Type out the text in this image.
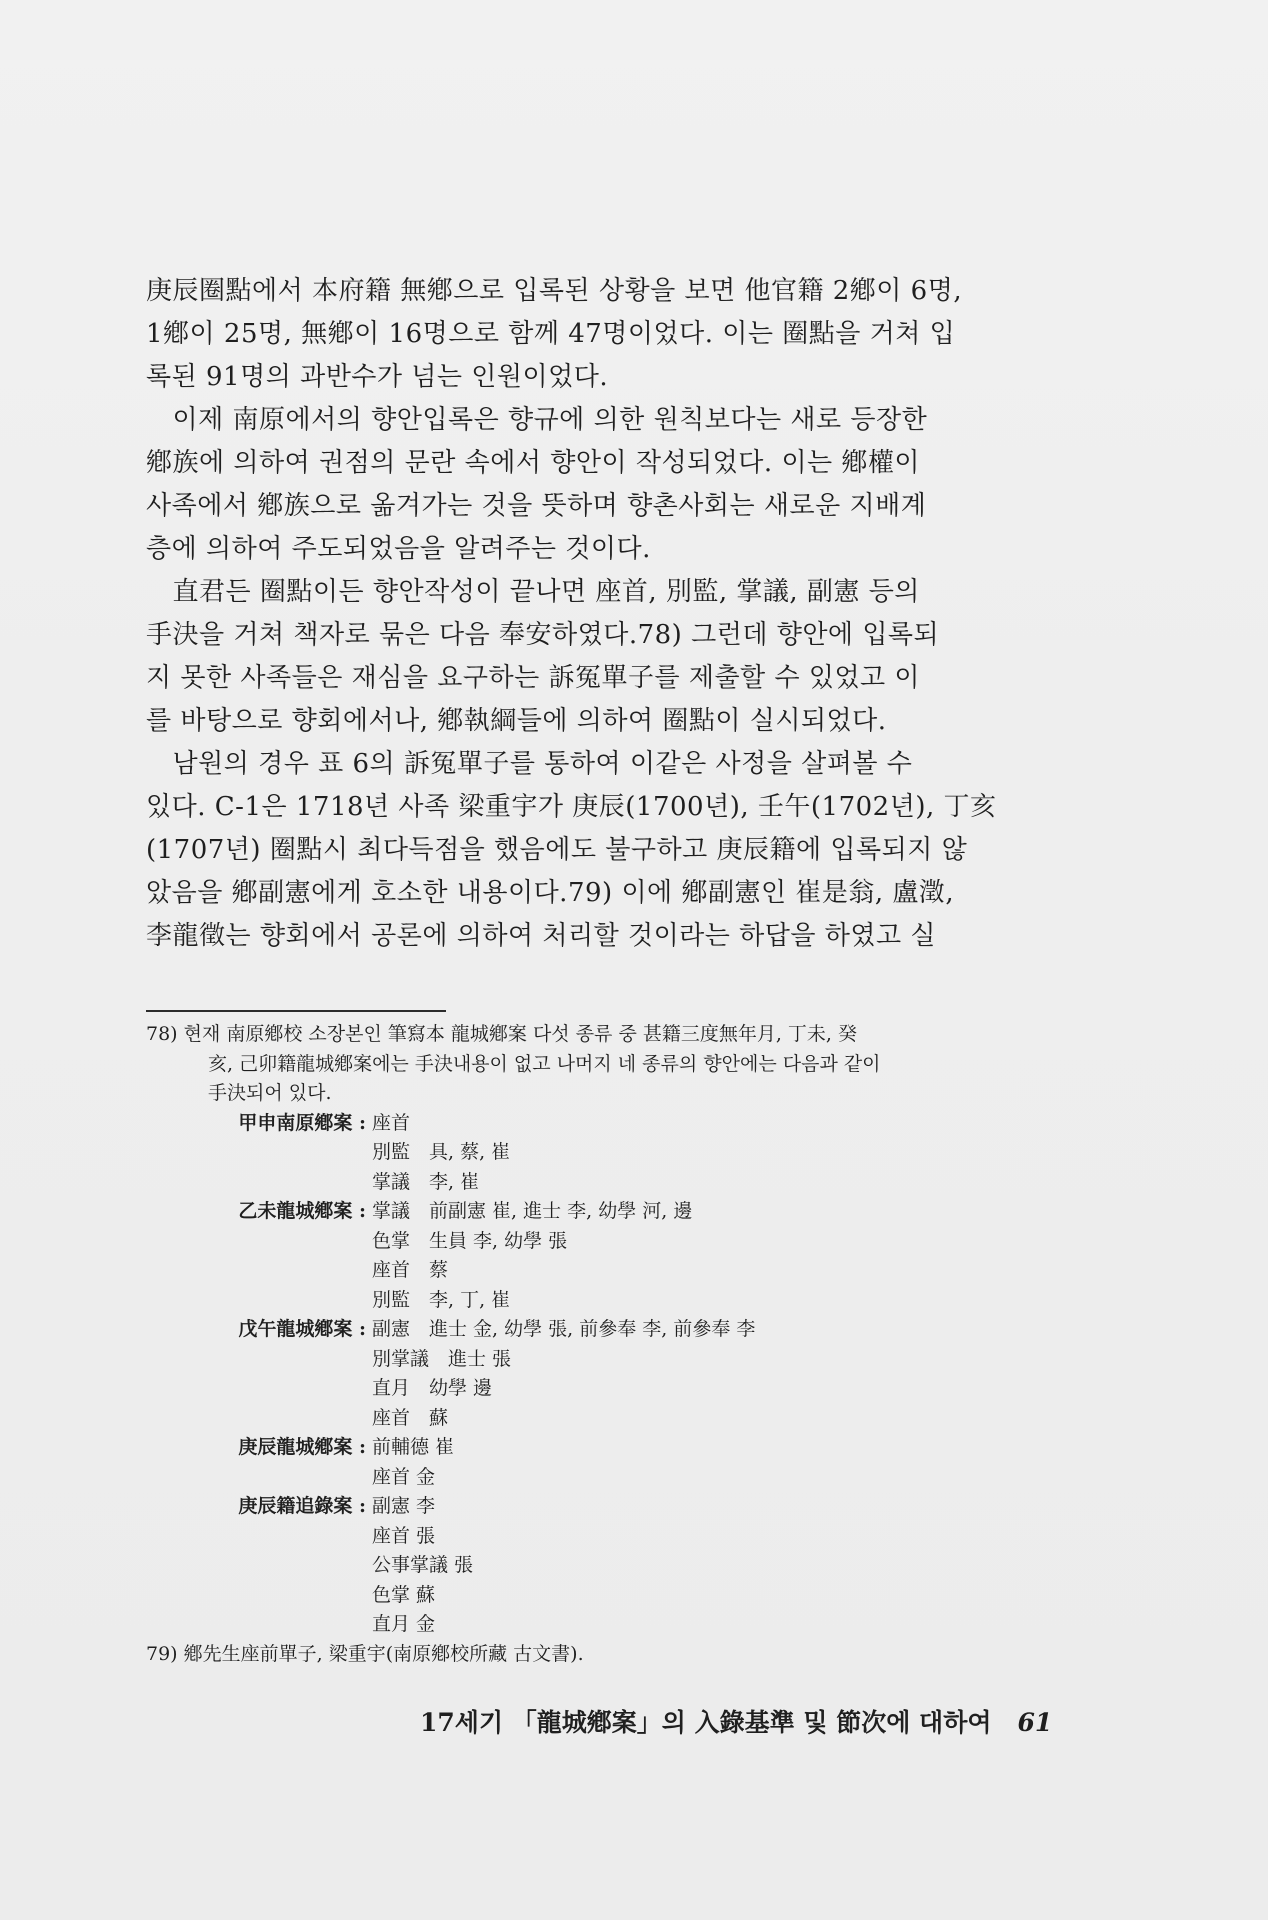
庚辰圈點에서 本府籍 無鄕으로 입록된 상황을 보면 他官籍 2鄕이 6명,
1鄕이 25명, 無鄕이 16명으로 함께 47명이었다. 이는 圈點을 거쳐 입
록된 91명의 과반수가 넘는 인원이었다.
　이제 南原에서의 향안입록은 향규에 의한 원칙보다는 새로 등장한
鄕族에 의하여 권점의 문란 속에서 향안이 작성되었다. 이는 鄕權이
사족에서 鄕族으로 옮겨가는 것을 뜻하며 향촌사회는 새로운 지배계
층에 의하여 주도되었음을 알려주는 것이다.
　直君든 圈點이든 향안작성이 끝나면 座首, 別監, 掌議, 副憲 등의
手決을 거쳐 책자로 묶은 다음 奉安하였다.78) 그런데 향안에 입록되
지 못한 사족들은 재심을 요구하는 訴冤單子를 제출할 수 있었고 이
를 바탕으로 향회에서나, 鄕執綱들에 의하여 圈點이 실시되었다.
　남원의 경우 표 6의 訴冤單子를 통하여 이같은 사정을 살펴볼 수
있다. C-1은 1718년 사족 梁重宇가 庚辰(1700년), 壬午(1702년), 丁亥
(1707년) 圈點시 최다득점을 했음에도 불구하고 庚辰籍에 입록되지 않
았음을 鄕副憲에게 호소한 내용이다.79) 이에 鄕副憲인 崔是翁, 盧澂,
李龍徵는 향회에서 공론에 의하여 처리할 것이라는 하답을 하였고 실
78) 현재 南原鄕校 소장본인 筆寫本 龍城鄕案 다섯 종류 중 甚籍三度無年月, 丁未, 癸
亥, 己卯籍龍城鄕案에는 手決내용이 없고 나머지 네 종류의 향안에는 다음과 같이
手決되어 있다.
甲申南原鄕案 : 座首
別監　具, 蔡, 崔
掌議　李, 崔
乙未龍城鄕案 : 掌議　前副憲 崔, 進士 李, 幼學 河, 邊
色掌　生員 李, 幼學 張
座首　蔡
別監　李, 丁, 崔
戊午龍城鄕案 : 副憲　進士 金, 幼學 張, 前參奉 李, 前參奉 李
別掌議　進士 張
直月　幼學 邊
座首　蘇
庚辰龍城鄕案 : 前輔德 崔
座首 金
庚辰籍追錄案 : 副憲 李
座首 張
公事掌議 張
色掌 蘇
直月 金
79) 鄕先生座前單子, 梁重宇(南原鄕校所藏 古文書).
17세기 「龍城鄕案」의 入錄基準 및 節次에 대하여 61
